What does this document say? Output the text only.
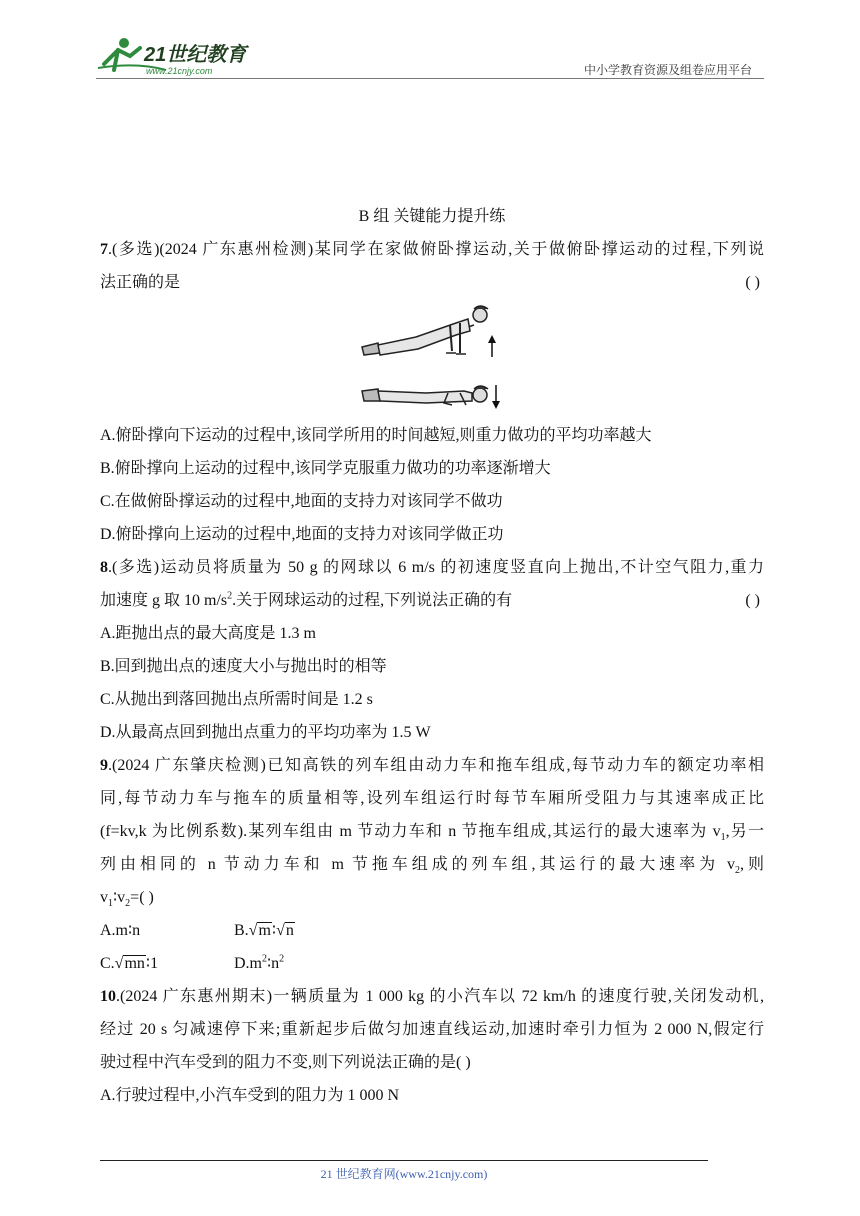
21世纪教育
www.21cnjy.com	中小学教育资源及组卷应用平台
B 组 关键能力提升练
7.(多选)(2024 广东惠州检测)某同学在家做俯卧撑运动,关于做俯卧撑运动的过程,下列说
法正确的是	( )
A.俯卧撑向下运动的过程中,该同学所用的时间越短,则重力做功的平均功率越大
B.俯卧撑向上运动的过程中,该同学克服重力做功的功率逐渐增大
C.在做俯卧撑运动的过程中,地面的支持力对该同学不做功
D.俯卧撑向上运动的过程中,地面的支持力对该同学做正功
8.(多选)运动员将质量为 50 g 的网球以 6 m/s 的初速度竖直向上抛出,不计空气阻力,重力
加速度 g 取 10 $m/s^2$.关于网球运动的过程,下列说法正确的有	( )
A.距抛出点的最大高度是 1.3 m
B.回到抛出点的速度大小与抛出时的相等
C.从抛出到落回抛出点所需时间是 1.2 s
D.从最高点回到抛出点重力的平均功率为 1.5 W
9.(2024 广东肇庆检测)已知高铁的列车组由动力车和拖车组成,每节动力车的额定功率相
同,每节动力车与拖车的质量相等,设列车组运行时每节车厢所受阻力与其速率成正比
(f=kv,k 为比例系数).某列车组由 m 节动力车和 n 节拖车组成,其运行的最大速率为 $v_1$,另一
列由相同的 n 节动力车和 m 节拖车组成的列车组,其运行的最大速率为 $v_2$,则
$v_1∶v_2=$( )
A.m∶n	B.√m∶√n
C.√mn∶1	$D.m^2∶n^2$
10.(2024 广东惠州期末)一辆质量为 1 000 kg 的小汽车以 72 km/h 的速度行驶,关闭发动机,
经过 20 s 匀减速停下来;重新起步后做匀加速直线运动,加速时牵引力恒为 2 000 N,假定行
驶过程中汽车受到的阻力不变,则下列说法正确的是( )
A.行驶过程中,小汽车受到的阻力为 1 000 N
21 世纪教育网(www.21cnjy.com)
